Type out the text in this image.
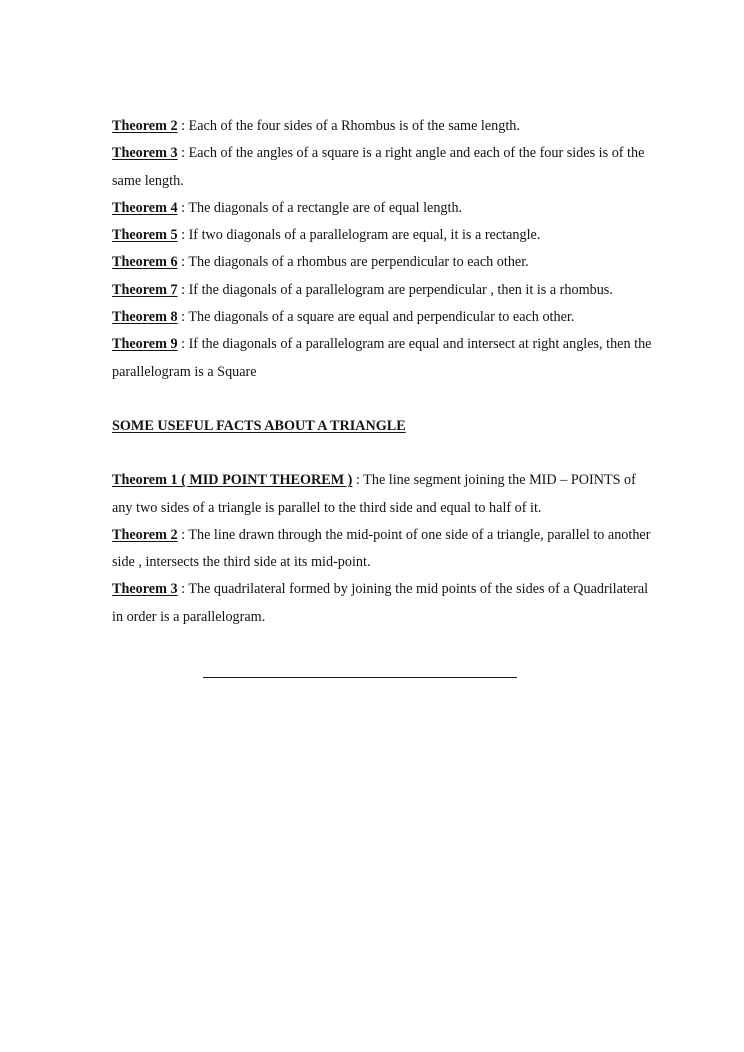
Theorem 2 : Each of the four sides of a Rhombus is of the same length.

Theorem 3 : Each of the angles of a square is a right angle and each of the four sides is of the same length.

Theorem 4 : The diagonals of a rectangle are of equal length.

Theorem 5 : If two diagonals of a parallelogram are equal, it is a rectangle.

Theorem 6 : The diagonals of a rhombus are perpendicular to each other.

Theorem 7 : If the diagonals of a parallelogram are perpendicular , then it is a rhombus.

Theorem 8 : The diagonals of a square are equal and perpendicular to each other.

Theorem 9 : If the diagonals of a parallelogram are equal and intersect at right angles, then the parallelogram is a Square

SOME USEFUL FACTS ABOUT A TRIANGLE

Theorem 1 ( MID POINT THEOREM ) : The line segment joining the MID – POINTS of any two sides of a triangle is parallel to the third side and equal to half of it.

Theorem 2 : The line drawn through the mid-point of one side of a triangle, parallel to another side , intersects the third side at its mid-point.

Theorem 3 : The quadrilateral formed by joining the mid points of the sides of a Quadrilateral in order is a parallelogram.
